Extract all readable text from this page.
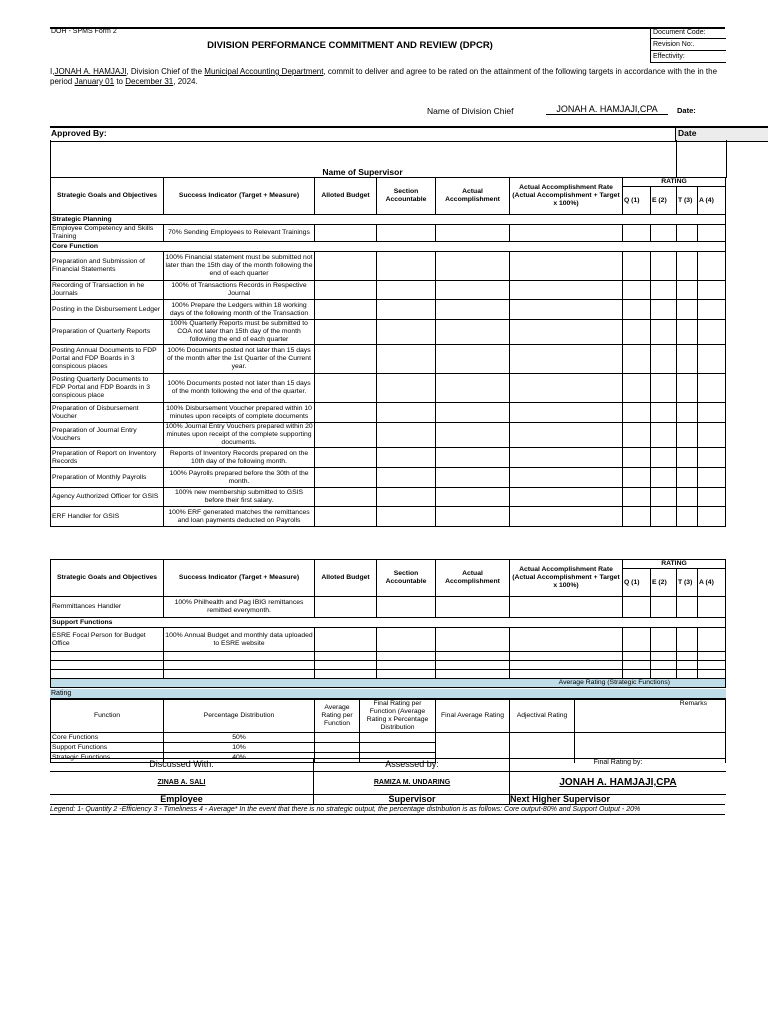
DOH - SPMS Form 2
DIVISION PERFORMANCE COMMITMENT AND REVIEW (DPCR)
Document Code:
Revision No:.
Effectivity:
I,JONAH A. HAMJAJI, Division Chief of the Municipal Accounting Department, commit to deliver and agree to be rated on the attainment of the following targets in accordance with the in the period January 01 to December 31, 2024.
Name of Division Chief	JONAH A. HAMJAJI,CPA	Date:
Approved By:	Date
Name of Supervisor
Strategic Goals and Objectives	Success Indicator (Target + Measure)	Alloted Budget	Section Accountable	Actual Accomplishment	Actual Accomplishment Rate (Actual Accomplishment + Target x 100%)	RATING			
						Q (1)	E (2)	T (3)	A (4)
Strategic Planning									
Employee Competency and Skills Training	70% Sending Employees to Relevant Trainings								
Core Function									
Preparation and Submission of Financial Statements	100% Financial statement must be submitted not later than the 15th day of the month following the end of each quarter								
Recording of Transaction in he Journals	100% of Transactions Records in Respective Journal								
Posting in the Disbursement Ledger	100% Prepare the Ledgers within 18 working days of the following month of the Transaction								
Preparation of Quarterly Reports	100% Quarterly Reports must be submitted to COA not later than 15th day of the month following the end of each quarter								
Posting Annual Documents to FDP Portal and FDP Boards in 3 conspicous places	100% Documents posted not later than 15 days of the month after the 1st Quarter of the Current year.								
Posting Quarterly Documents to FDP Portal and FDP Boards in 3 conspicous place	100% Documents posted not later than 15 days of the month following the end of the quarter.								
Preparation of Disbursement Voucher	100% Disbursement Voucher prepared within 10 minutes upon receipts of complete documents								
Preparation of Journal Entry Vouchers	100% Journal Entry Vouchers prepared within 20 minutes upon receipt of the complete supporting documents.								
Preparation of Report on Inventory Records	Reports of Inventory Records prepared on the 10th day of the following month.								
Preparation of Monthly Payrolls	100% Payrolls prepared before the 30th of the month.								
Agency Authorized Officer for GSIS	100% new membership submitted to GSIS before their first salary.								
ERF Handler for GSIS	100% ERF generated matches the remittances and loan payments deducted on Payrolls								
Strategic Goals and Objectives	Success Indicator (Target + Measure)	Alloted Budget	Section Accountable	Actual Accomplishment	Actual Accomplishment Rate (Actual Accomplishment + Target x 100%)	RATING			
						Q (1)	E (2)	T (3)	A (4)
Remmittances Handler	100% Philhealth and Pag IBIG remittances remitted everymonth.								
Support Functions									
ESRE Focal Person for Budget Office	100% Annual Budget and monthly data uploaded to ESRE website								

Average Rating (Strategic Functions)									
Rating
Function	Percentage Distribution	Average Rating per Function	Final Rating per Function (Average Rating x Percentage Distribution	Final Average Rating	Adjectival Rating	Remarks
Core Functions	50%					
Support Functions	10%					
Strategic Functions	40%					
Discussed With:	Assessed by:	Final Rating by:
ZINAB A. SALI	RAMIZA M. UNDARING	JONAH A. HAMJAJI,CPA
Employee	Supervisor	Next Higher Supervisor
Legend: 1- Quantity 2 -Efficiency 3 - Timeliness 4 - Average* In the event that there is no strategic output, the percentage distribution is as follows: Core output-80% and Support Output - 20%
